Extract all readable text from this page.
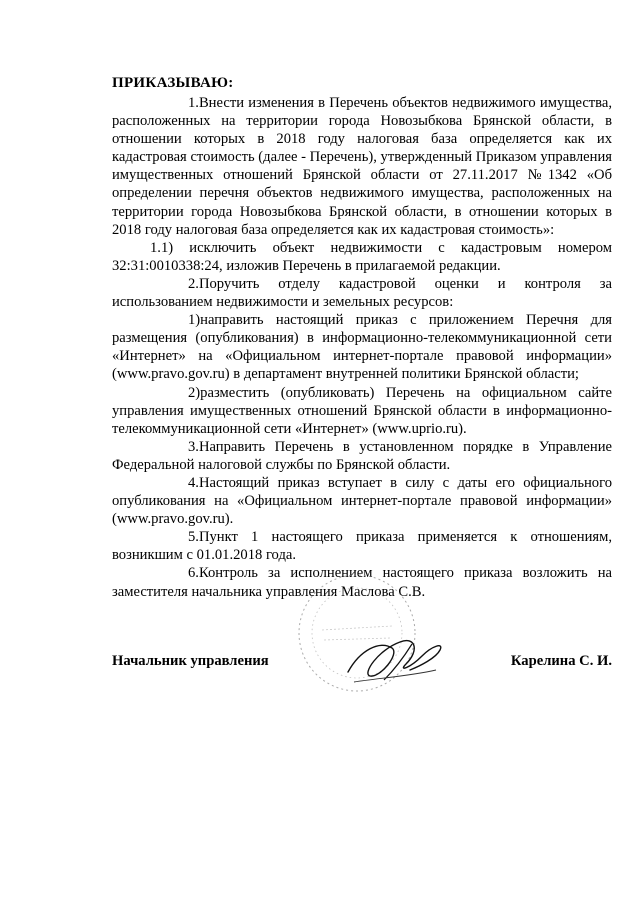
ПРИКАЗЫВАЮ:

1.Внести изменения в Перечень объектов недвижимого имущества, расположенных на территории города Новозыбкова Брянской области, в отношении которых в 2018 году налоговая база определяется как их кадастровая стоимость (далее - Перечень), утвержденный Приказом управления имущественных отношений Брянской области от 27.11.2017 №1342 «Об определении перечня объектов недвижимого имущества, расположенных на территории города Новозыбкова Брянской области, в отношении которых в 2018 году налоговая база определяется как их кадастровая стоимость»:

1.1) исключить объект недвижимости с кадастровым номером 32:31:0010338:24, изложив Перечень в прилагаемой редакции.

2.Поручить отделу кадастровой оценки и контроля за использованием недвижимости и земельных ресурсов:

1)направить настоящий приказ с приложением Перечня для размещения (опубликования) в информационно-телекоммуникационной сети «Интернет» на «Официальном интернет-портале правовой информации» (www.pravo.gov.ru) в департамент внутренней политики Брянской области;

2)разместить (опубликовать) Перечень на официальном сайте управления имущественных отношений Брянской области в информационно-телекоммуникационной сети «Интернет» (www.uprio.ru).

3.Направить Перечень в установленном порядке в Управление Федеральной налоговой службы по Брянской области.

4.Настоящий приказ вступает в силу с даты его официального опубликования на «Официальном интернет-портале правовой информации» (www.pravo.gov.ru).

5.Пункт 1 настоящего приказа применяется к отношениям, возникшим с 01.01.2018 года.

6.Контроль за исполнением настоящего приказа возложить на заместителя начальника управления Маслова С.В.

Начальник управления	Карелина С. И.
